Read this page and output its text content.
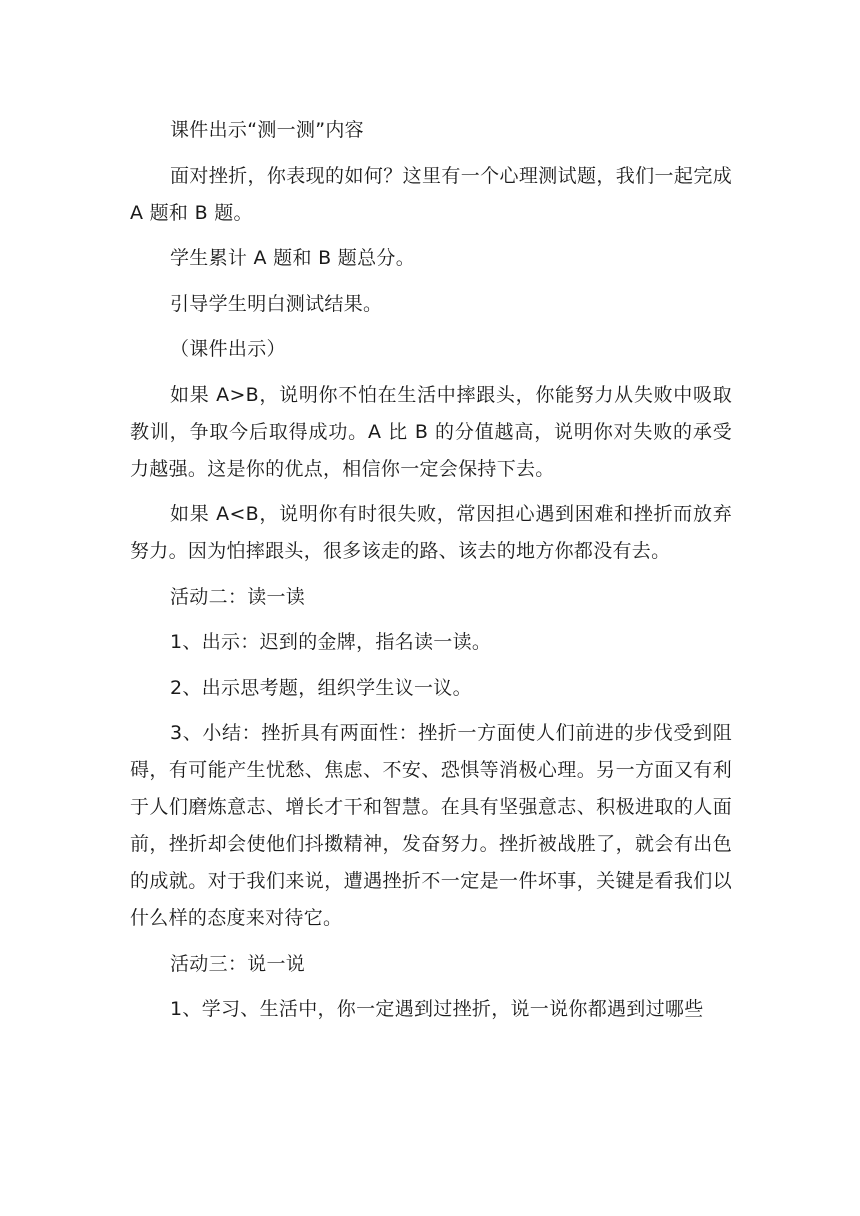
课件出示“测一测”内容

面对挫折，你表现的如何？这里有一个心理测试题，我们一起完成 A 题和 B 题。

学生累计 A 题和 B 题总分。

引导学生明白测试结果。

（课件出示）

如果 A>B，说明你不怕在生活中摔跟头，你能努力从失败中吸取教训，争取今后取得成功。A 比 B 的分值越高，说明你对失败的承受力越强。这是你的优点，相信你一定会保持下去。

如果 A<B，说明你有时很失败，常因担心遇到困难和挫折而放弃努力。因为怕摔跟头，很多该走的路、该去的地方你都没有去。

活动二：读一读

1、出示：迟到的金牌，指名读一读。

2、出示思考题，组织学生议一议。

3、小结：挫折具有两面性：挫折一方面使人们前进的步伐受到阻碍，有可能产生忧愁、焦虑、不安、恐惧等消极心理。另一方面又有利于人们磨炼意志、增长才干和智慧。在具有坚强意志、积极进取的人面前，挫折却会使他们抖擞精神，发奋努力。挫折被战胜了，就会有出色的成就。对于我们来说，遭遇挫折不一定是一件坏事，关键是看我们以什么样的态度来对待它。

活动三：说一说

1、学习、生活中，你一定遇到过挫折，说一说你都遇到过哪些
